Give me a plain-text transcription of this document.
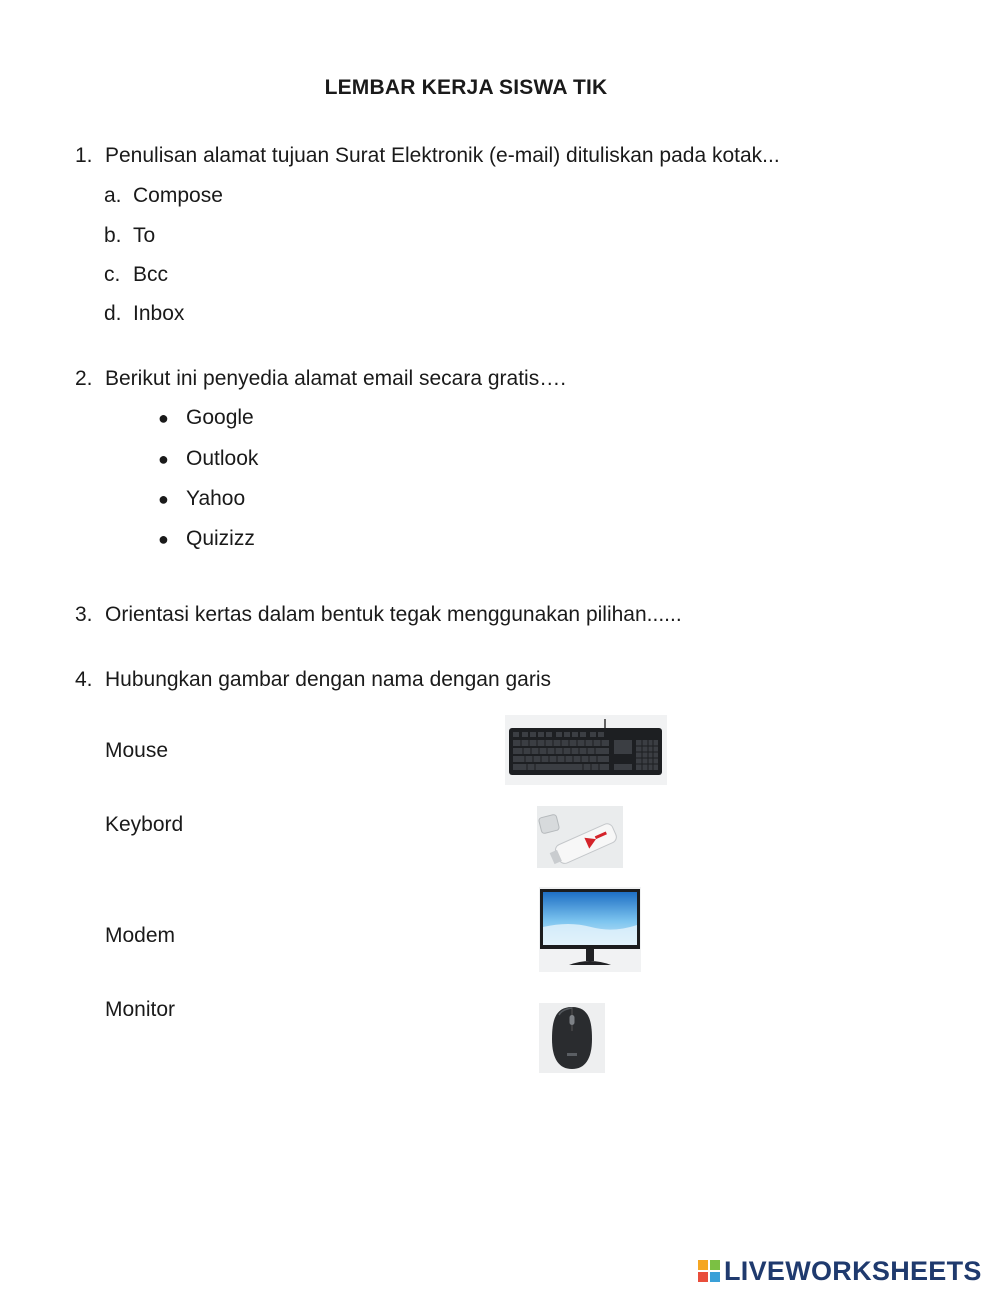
LEMBAR KERJA SISWA TIK
1. Penulisan alamat tujuan Surat Elektronik (e-mail) dituliskan pada kotak...
a. Compose
b. To
c. Bcc
d. Inbox
2. Berikut ini penyedia alamat email secara gratis….
● Google
● Outlook
● Yahoo
● Quizizz
3. Orientasi kertas dalam bentuk tegak menggunakan pilihan......
4. Hubungkan gambar dengan nama dengan garis
Mouse
Keybord
Modem
Monitor
LIVEWORKSHEETS
